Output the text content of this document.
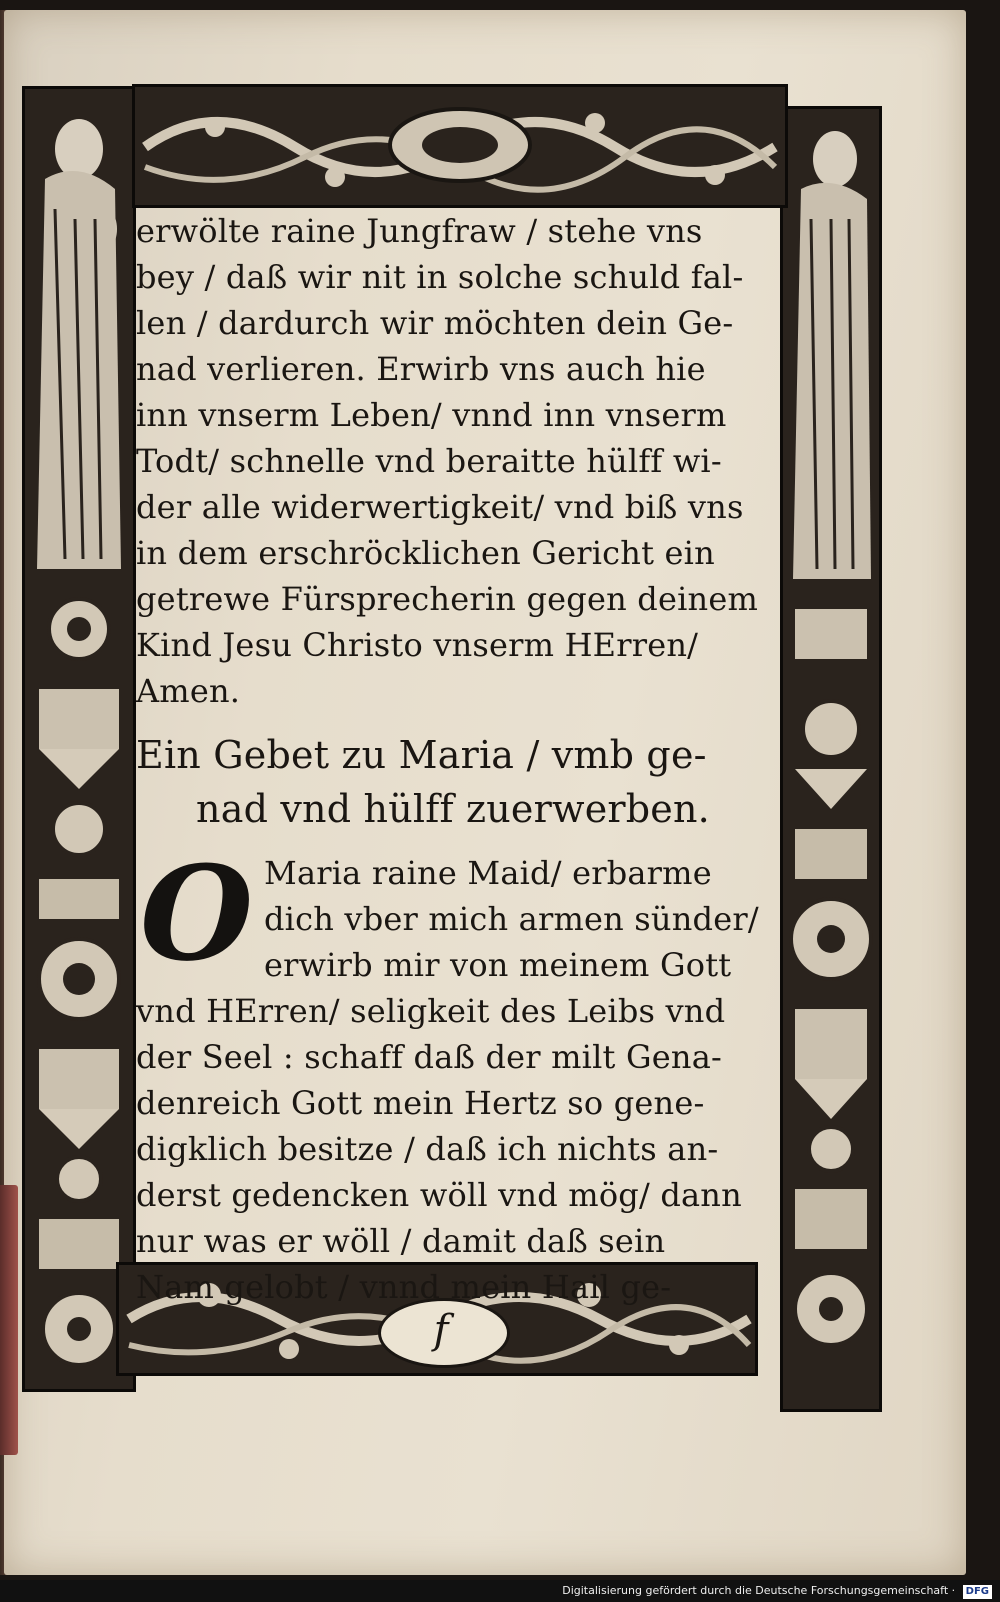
f
erwölte raine Jungfraw / stehe vns
bey / daß wir nit in solche schuld fal-
len / dardurch wir möchten dein Ge-
nad verlieren. Erwirb vns auch hie
inn vnserm Leben/ vnnd inn vnserm
Todt/ schnelle vnd beraitte hülff wi-
der alle widerwertigkeit/ vnd biß vns
in dem erschröcklichen Gericht ein
getrewe Fürsprecherin gegen deinem
Kind Jesu Christo vnserm HErren/
Amen.
Ein Gebet zu Maria / vmb ge-
nad vnd hülff zuerwerben.
O Maria raine Maid/ erbarme
dich vber mich armen sünder/
erwirb mir von meinem Gott
vnd HErren/ seligkeit des Leibs vnd
der Seel : schaff daß der milt Gena-
denreich Gott mein Hertz so gene-
digklich besitze / daß ich nichts an-
derst gedencken wöll vnd mög/ dann
nur was er wöll / damit daß sein
Nam gelobt / vnnd mein Hail ge-
Digitalisierung gefördert durch die Deutsche Forschungsgemeinschaft · DFG
